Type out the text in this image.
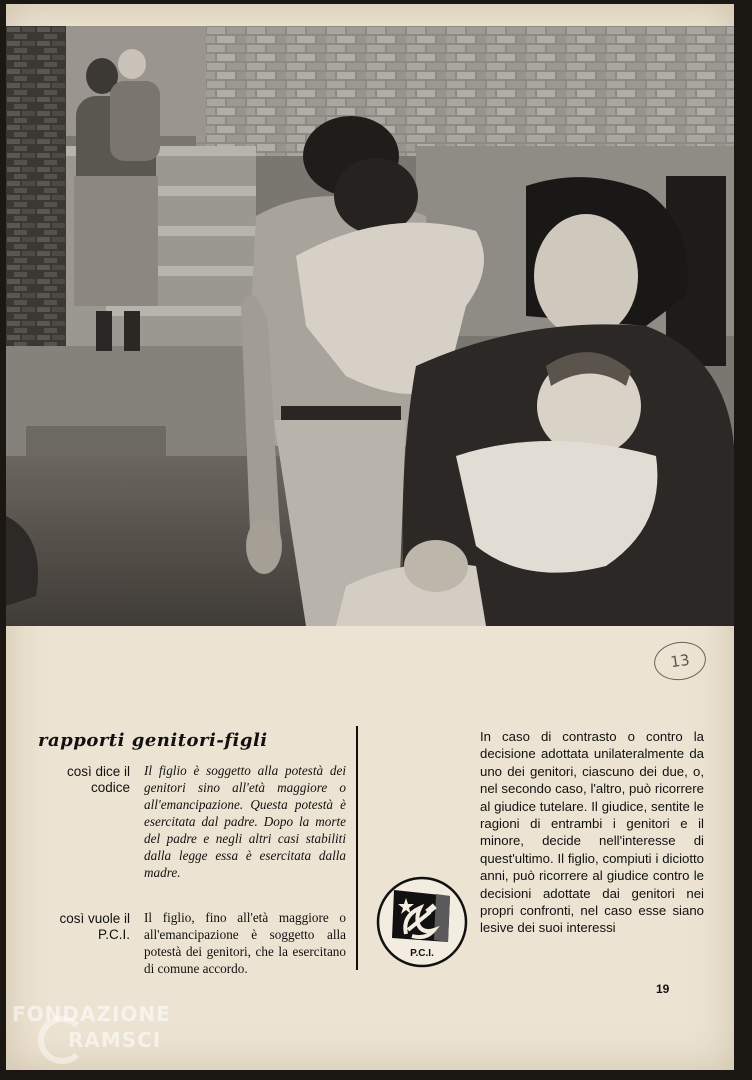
13
rapporti genitori-figli
così dice il codice
così vuole il P.C.I.
Il figlio è soggetto alla potestà dei genitori sino all'età maggiore o all'emancipazione. Questa potestà è esercitata dal padre. Dopo la morte del padre e negli altri casi stabiliti dalla legge essa è esercitata dalla madre.
Il figlio, fino all'età maggiore o all'emancipazione è soggetto alla potestà dei genitori, che la esercitano di comune accordo.
P.C.I.
In caso di contrasto o contro la decisione adottata unilateralmente da uno dei genitori, ciascuno dei due, o, nel secondo caso, l'altro, può ricorrere al giudice tutelare. Il giudice, sentite le ragioni di entrambi i genitori e il minore, decide nell'interesse di quest'ultimo. Il figlio, compiuti i diciotto anni, può ricorrere al giudice contro le decisioni adottate dai genitori nei propri confronti, nel caso esse siano lesive dei suoi interessi
19
FONDAZIONE
RAMSCI
